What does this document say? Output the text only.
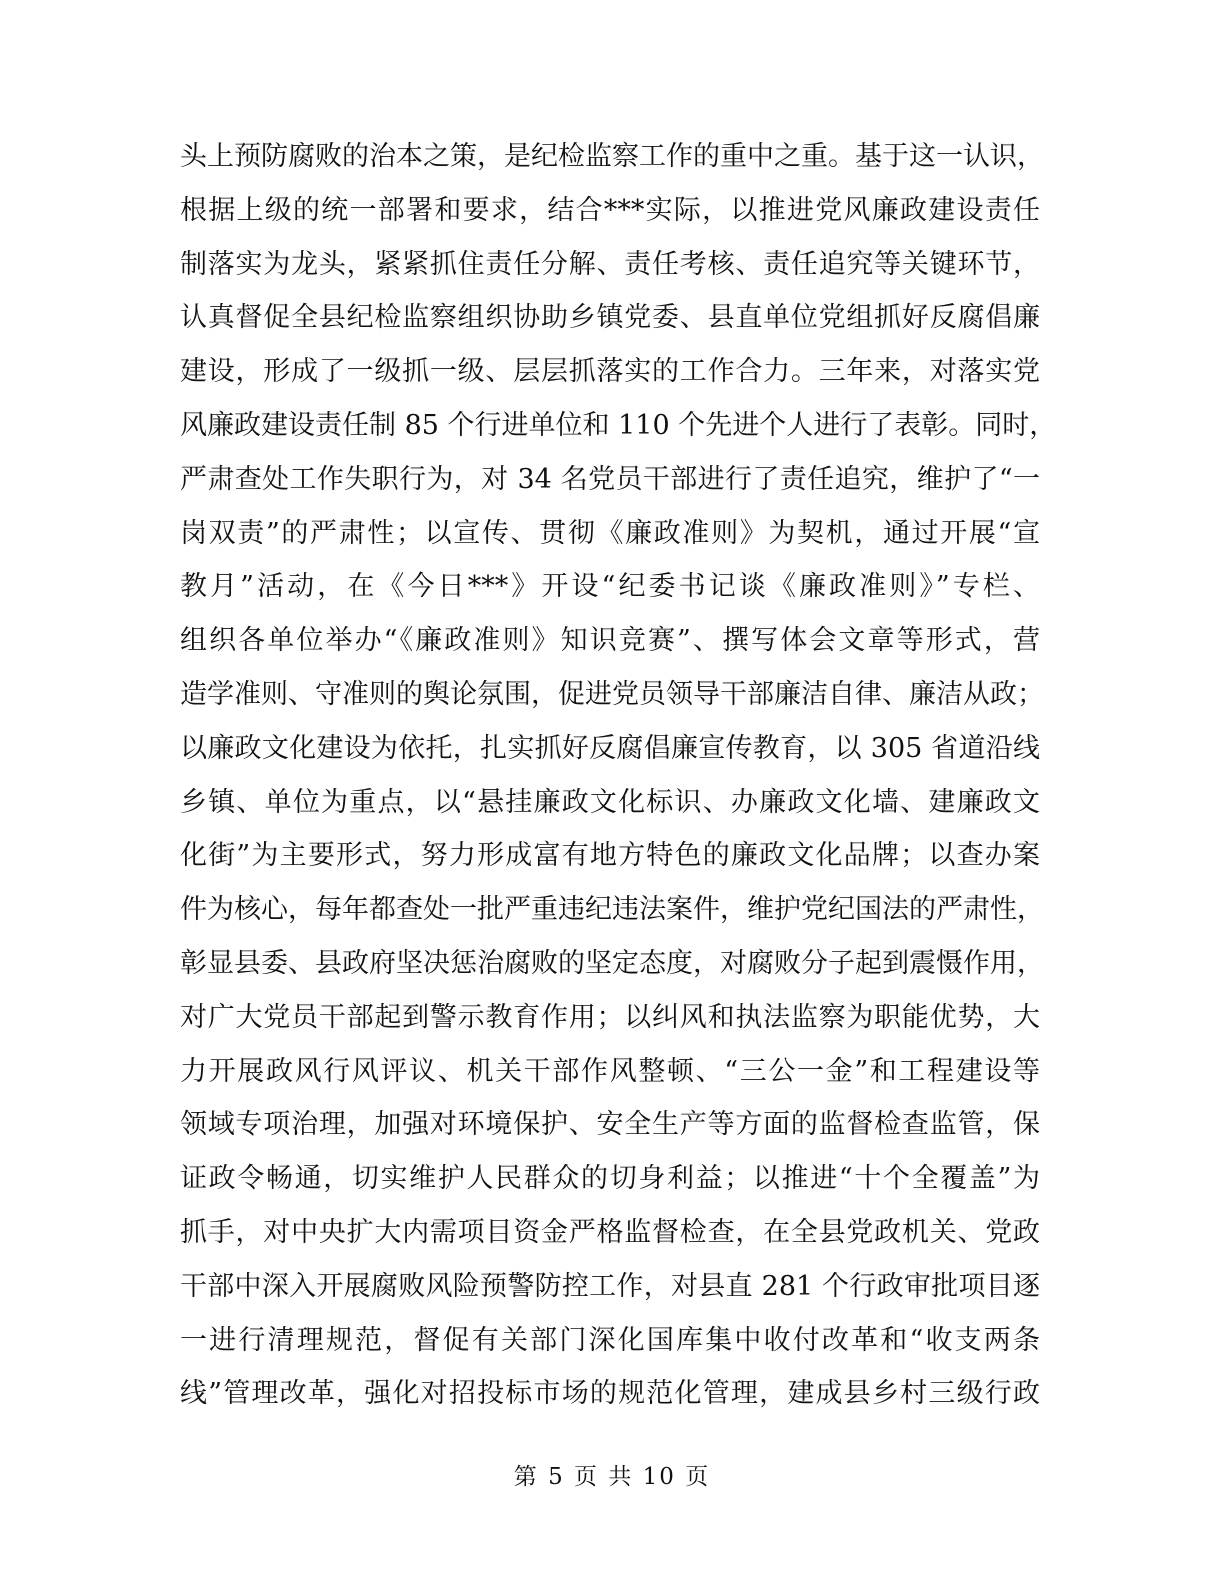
头上预防腐败的治本之策，是纪检监察工作的重中之重。基于这一认识，
根据上级的统一部署和要求，结合***实际，以推进党风廉政建设责任
制落实为龙头，紧紧抓住责任分解、责任考核、责任追究等关键环节，
认真督促全县纪检监察组织协助乡镇党委、县直单位党组抓好反腐倡廉
建设，形成了一级抓一级、层层抓落实的工作合力。三年来，对落实党
风廉政建设责任制 85 个行进单位和 110 个先进个人进行了表彰。同时，
严肃查处工作失职行为，对 34 名党员干部进行了责任追究，维护了“一
岗双责”的严肃性；以宣传、贯彻《廉政准则》为契机，通过开展“宣
教月”活动，在《今日***》开设“纪委书记谈《廉政准则》”专栏、
组织各单位举办“《廉政准则》知识竞赛”、撰写体会文章等形式，营
造学准则、守准则的舆论氛围，促进党员领导干部廉洁自律、廉洁从政；
以廉政文化建设为依托，扎实抓好反腐倡廉宣传教育，以 305 省道沿线
乡镇、单位为重点，以“悬挂廉政文化标识、办廉政文化墙、建廉政文
化街”为主要形式，努力形成富有地方特色的廉政文化品牌；以查办案
件为核心，每年都查处一批严重违纪违法案件，维护党纪国法的严肃性，
彰显县委、县政府坚决惩治腐败的坚定态度，对腐败分子起到震慑作用，
对广大党员干部起到警示教育作用；以纠风和执法监察为职能优势，大
力开展政风行风评议、机关干部作风整顿、“三公一金”和工程建设等
领域专项治理，加强对环境保护、安全生产等方面的监督检查监管，保
证政令畅通，切实维护人民群众的切身利益；以推进“十个全覆盖”为
抓手，对中央扩大内需项目资金严格监督检查，在全县党政机关、党政
干部中深入开展腐败风险预警防控工作，对县直 281 个行政审批项目逐
一进行清理规范，督促有关部门深化国库集中收付改革和“收支两条
线”管理改革，强化对招投标市场的规范化管理，建成县乡村三级行政
第 5 页 共 10 页
